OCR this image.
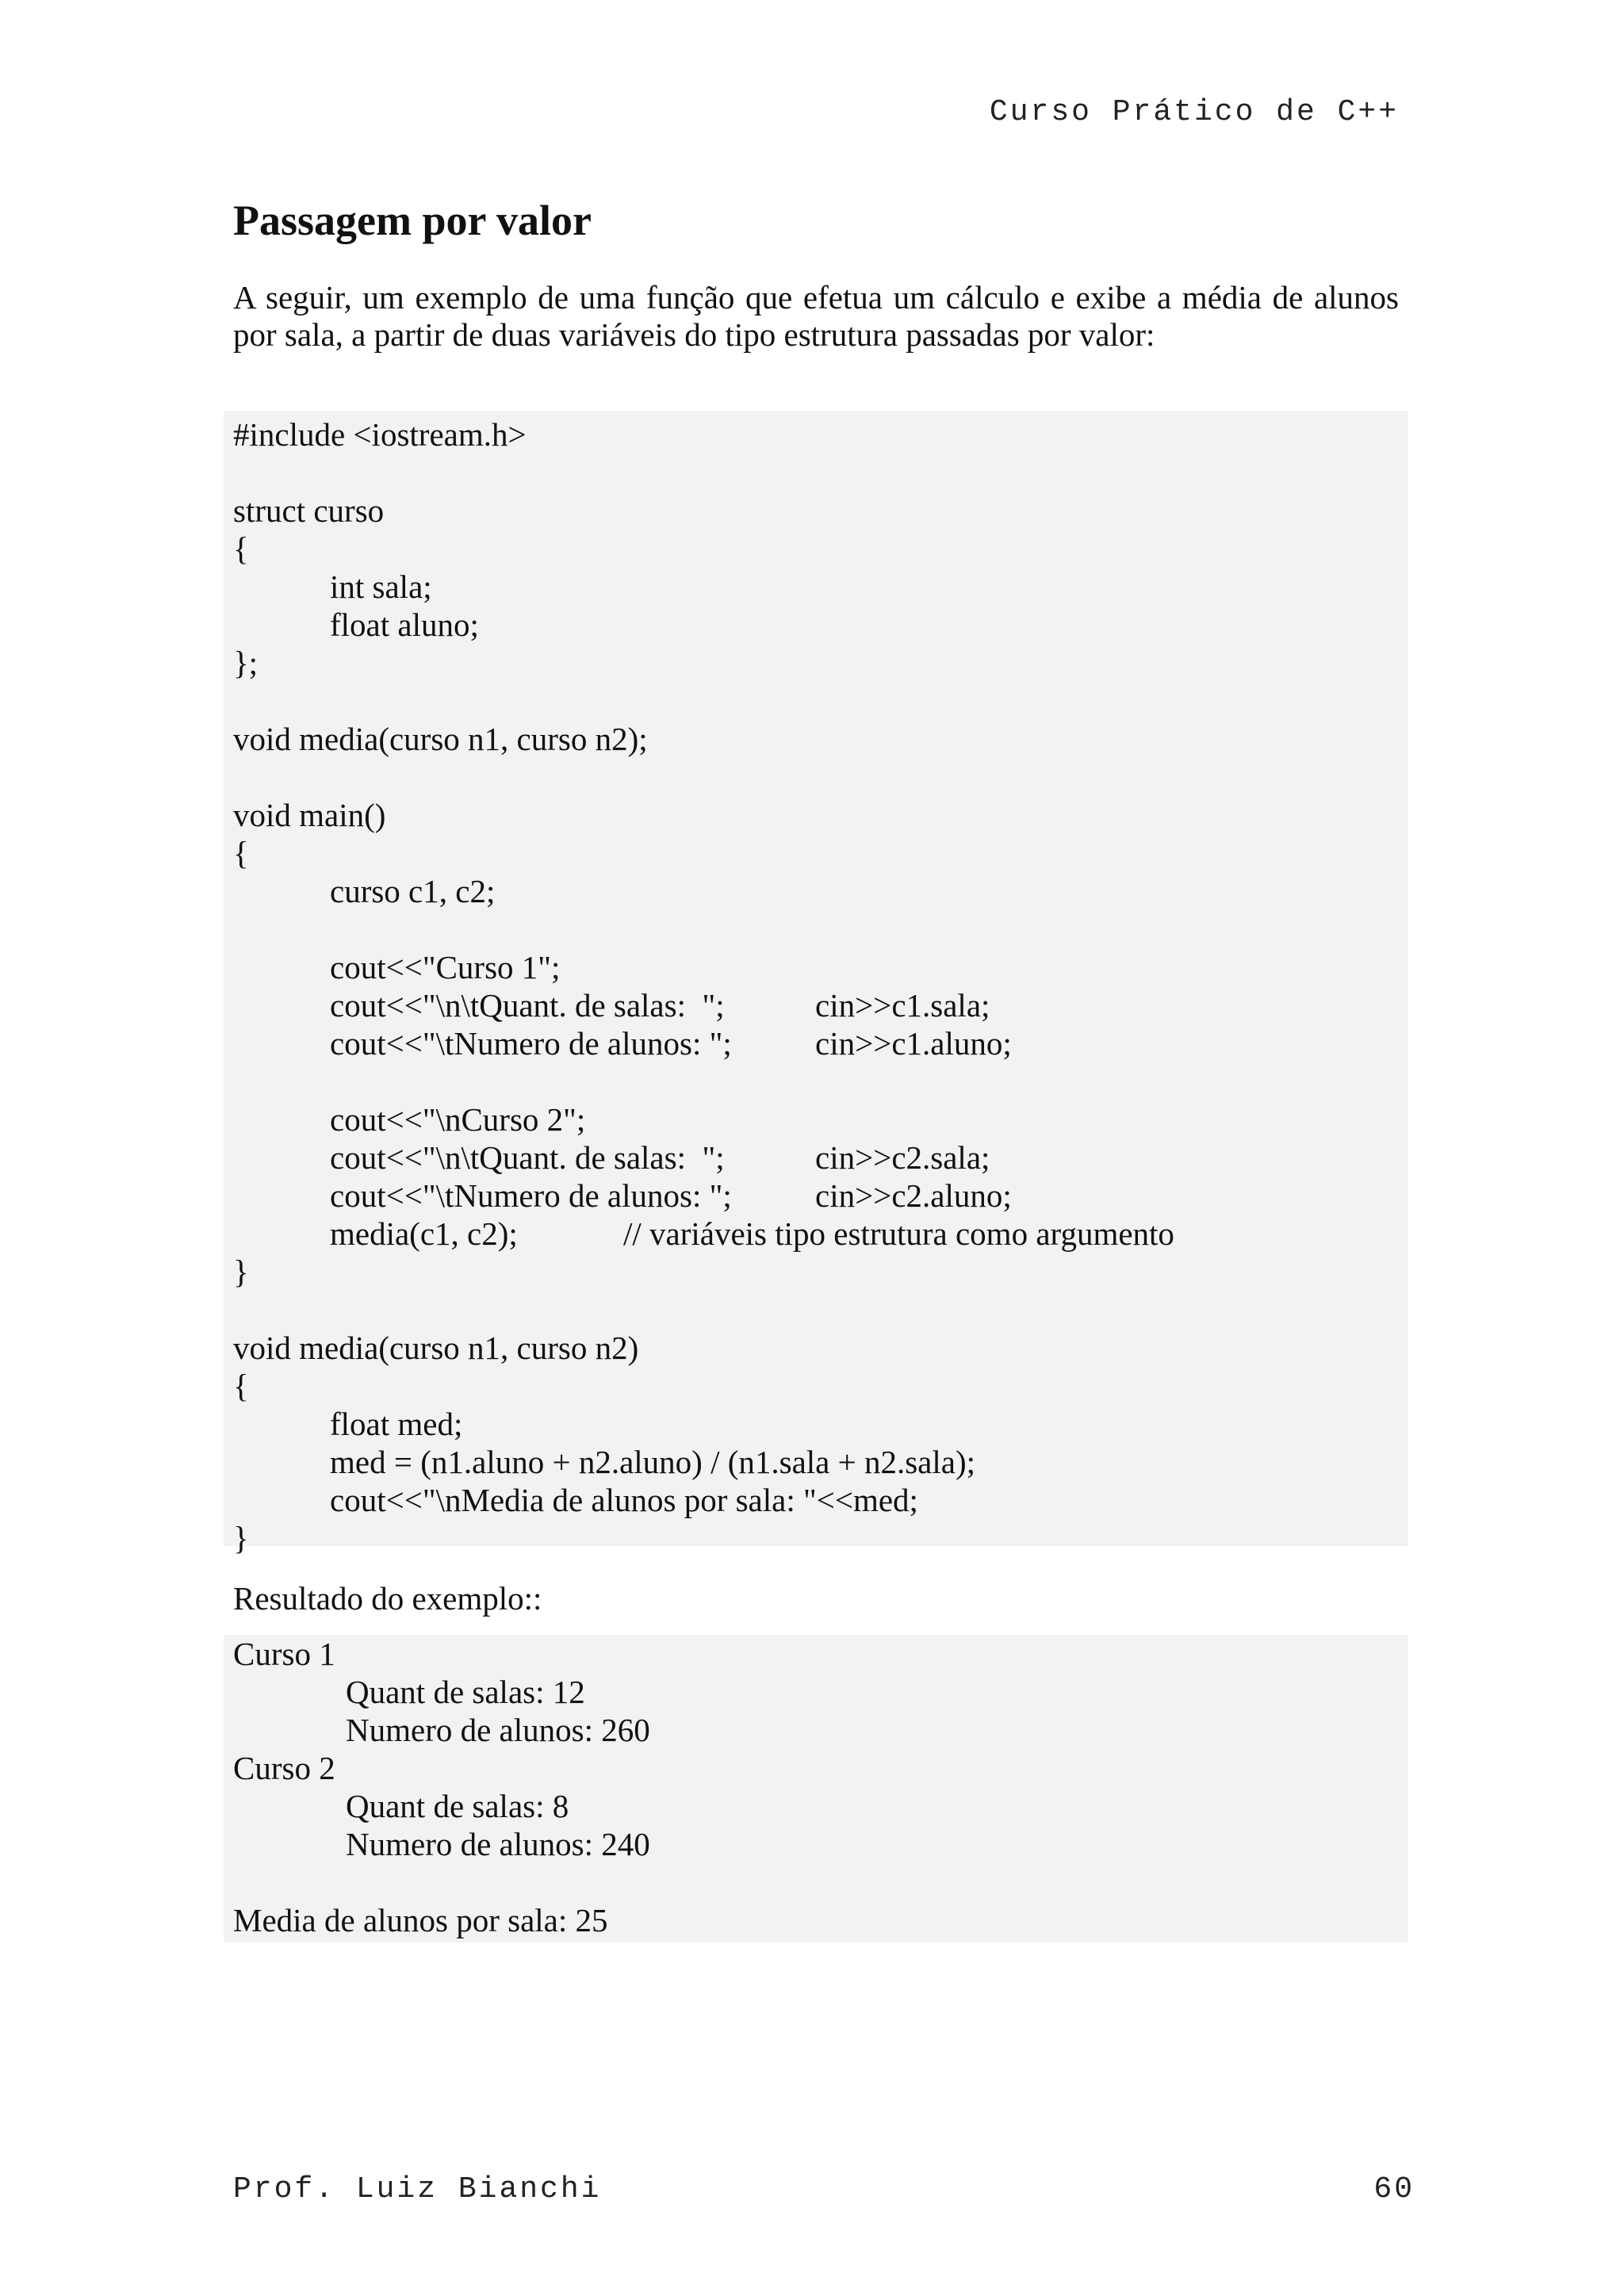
Curso Prático de C++
Passagem por valor

A seguir, um exemplo de uma função que efetua um cálculo e exibe a média de alunos por sala, a partir de duas variáveis do tipo estrutura passadas por valor:

#include <iostream.h>
struct curso
{
int sala;
float aluno;
};
void media(curso n1, curso n2);
void main()
{
curso c1, c2;
cout<<"Curso 1";
cout<<"\n\tQuant. de salas:  ";	cin>>c1.sala;
cout<<"\tNumero de alunos: ";	cin>>c1.aluno;
cout<<"\nCurso 2";
cout<<"\n\tQuant. de salas:  ";	cin>>c2.sala;
cout<<"\tNumero de alunos: ";	cin>>c2.aluno;
media(c1, c2);	// variáveis tipo estrutura como argumento
}
void media(curso n1, curso n2)
{
float med;
med = (n1.aluno + n2.aluno) / (n1.sala + n2.sala);
cout<<"\nMedia de alunos por sala: "<<med;
}
Resultado do exemplo::
Curso 1
Quant de salas: 12
Numero de alunos: 260
Curso 2
Quant de salas: 8
Numero de alunos: 240
Media de alunos por sala: 25
Prof. Luiz Bianchi	60
